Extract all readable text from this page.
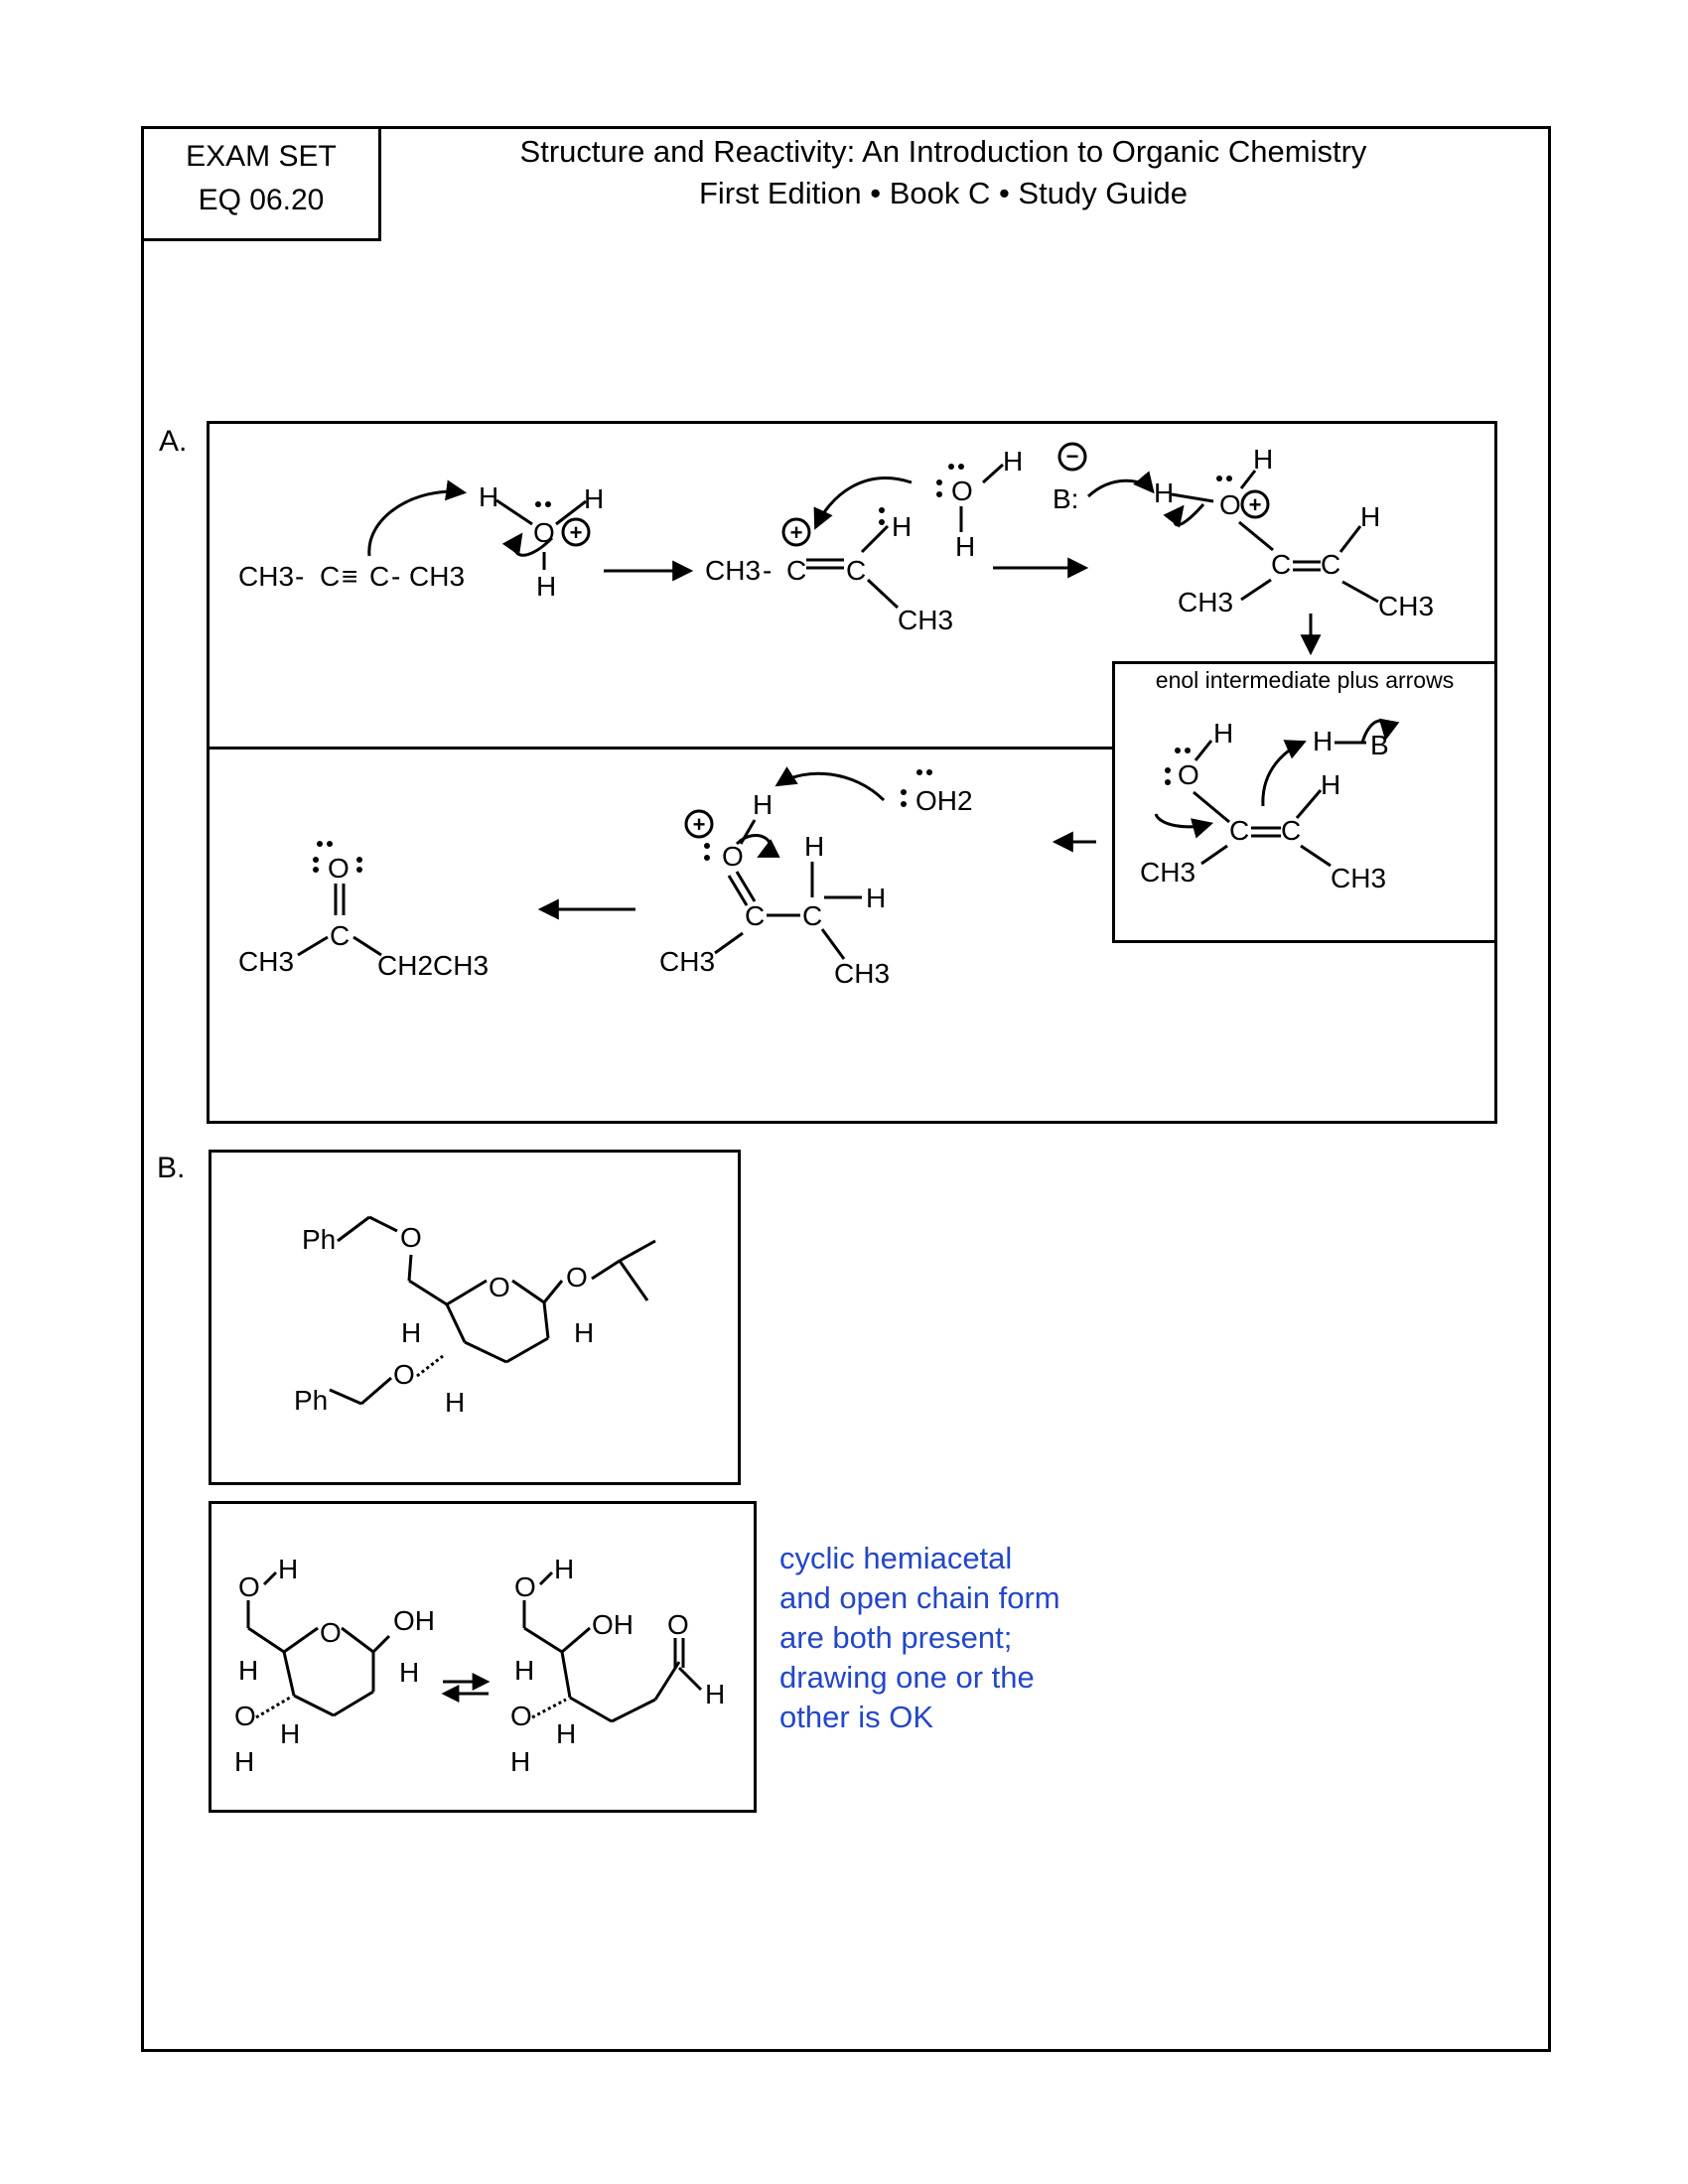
EXAM SET
EQ 06.20
Structure and Reactivity: An Introduction to Organic Chemistry
First Edition • Book C • Study Guide
A.
B.
enol intermediate plus arrows
CH3 - C ≡ C - CH3
H	H
O
H
CH3 - C C
H
CH3
O
H
H
B:	H O
H
C C
H
CH3	CH3
O
H	H B
C C
H
CH3	CH3
O
H
C C
H
H
CH3	CH3
OH2
O
C
CH3	CH2CH3
+	+
−
+
+
Ph O
O O
H	H
Ph
O
H
O
H
O OH
H	H
O
H
H
O
H
OH O
H
H
O
H
H
cyclic hemiacetal
and open chain form
are both present;
drawing one or the
other is OK
